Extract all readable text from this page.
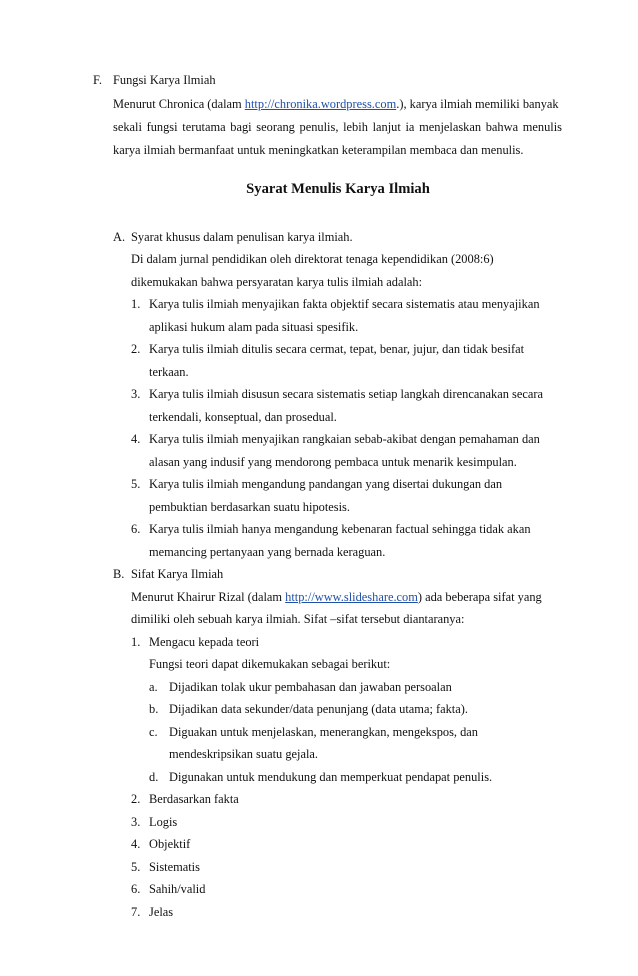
F. Fungsi Karya Ilmiah
Menurut Chronica (dalam http://chronika.wordpress.com.), karya ilmiah memiliki banyak
sekali fungsi terutama bagi seorang penulis, lebih lanjut ia menjelaskan bahwa menulis
karya ilmiah bermanfaat untuk meningkatkan keterampilan membaca dan menulis.
Syarat Menulis Karya Ilmiah
A. Syarat khusus dalam penulisan karya ilmiah.
Di dalam jurnal pendidikan oleh direktorat tenaga kependidikan (2008:6)
dikemukakan bahwa persyaratan karya tulis ilmiah adalah:
1. Karya tulis ilmiah menyajikan fakta objektif secara sistematis atau menyajikan
aplikasi hukum alam pada situasi spesifik.
2. Karya tulis ilmiah ditulis secara cermat, tepat, benar, jujur, dan tidak besifat
terkaan.
3. Karya tulis ilmiah disusun secara sistematis setiap langkah direncanakan secara
terkendali, konseptual, dan prosedual.
4. Karya tulis ilmiah menyajikan rangkaian sebab-akibat dengan pemahaman dan
alasan yang indusif yang mendorong pembaca untuk menarik kesimpulan.
5. Karya tulis ilmiah mengandung pandangan yang disertai dukungan dan
pembuktian berdasarkan suatu hipotesis.
6. Karya tulis ilmiah hanya mengandung kebenaran factual sehingga tidak akan
memancing pertanyaan yang bernada keraguan.
B. Sifat Karya Ilmiah
Menurut Khairur Rizal (dalam http://www.slideshare.com) ada beberapa sifat yang
dimiliki oleh sebuah karya ilmiah. Sifat –sifat tersebut diantaranya:
1. Mengacu kepada teori
Fungsi teori dapat dikemukakan sebagai berikut:
a. Dijadikan tolak ukur pembahasan dan jawaban persoalan
b. Dijadikan data sekunder/data penunjang (data utama; fakta).
c. Diguakan untuk menjelaskan, menerangkan, mengekspos, dan
mendeskripsikan suatu gejala.
d. Digunakan untuk mendukung dan memperkuat pendapat penulis.
2. Berdasarkan fakta
3. Logis
4. Objektif
5. Sistematis
6. Sahih/valid
7. Jelas
